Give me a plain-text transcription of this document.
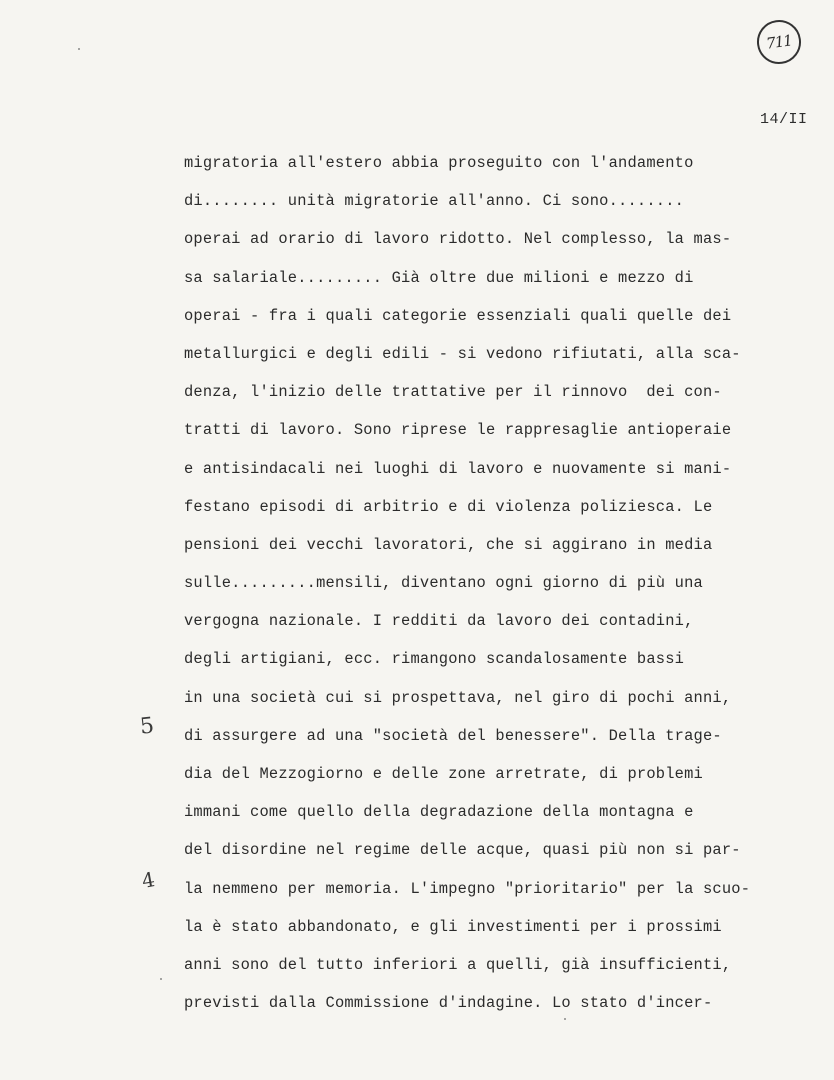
711
14/II
migratoria all'estero abbia proseguito con l'andamento
di........ unità migratorie all'anno. Ci sono........
operai ad orario di lavoro ridotto. Nel complesso, la mas-
sa salariale......... Già oltre due milioni e mezzo di
operai - fra i quali categorie essenziali quali quelle dei
metallurgici e degli edili - si vedono rifiutati, alla sca-
denza, l'inizio delle trattative per il rinnovo  dei con-
tratti di lavoro. Sono riprese le rappresaglie antioperaie
e antisindacali nei luoghi di lavoro e nuovamente si mani-
festano episodi di arbitrio e di violenza poliziesca. Le
pensioni dei vecchi lavoratori, che si aggirano in media
sulle.........mensili, diventano ogni giorno di più una
vergogna nazionale. I redditi da lavoro dei contadini,
degli artigiani, ecc. rimangono scandalosamente bassi
in una società cui si prospettava, nel giro di pochi anni,
di assurgere ad una "società del benessere". Della trage-
dia del Mezzogiorno e delle zone arretrate, di problemi
immani come quello della degradazione della montagna e
del disordine nel regime delle acque, quasi più non si par-
la nemmeno per memoria. L'impegno "prioritario" per la scuo-
la è stato abbandonato, e gli investimenti per i prossimi
anni sono del tutto inferiori a quelli, già insufficienti,
previsti dalla Commissione d'indagine. Lo stato d'incer-
5
4
